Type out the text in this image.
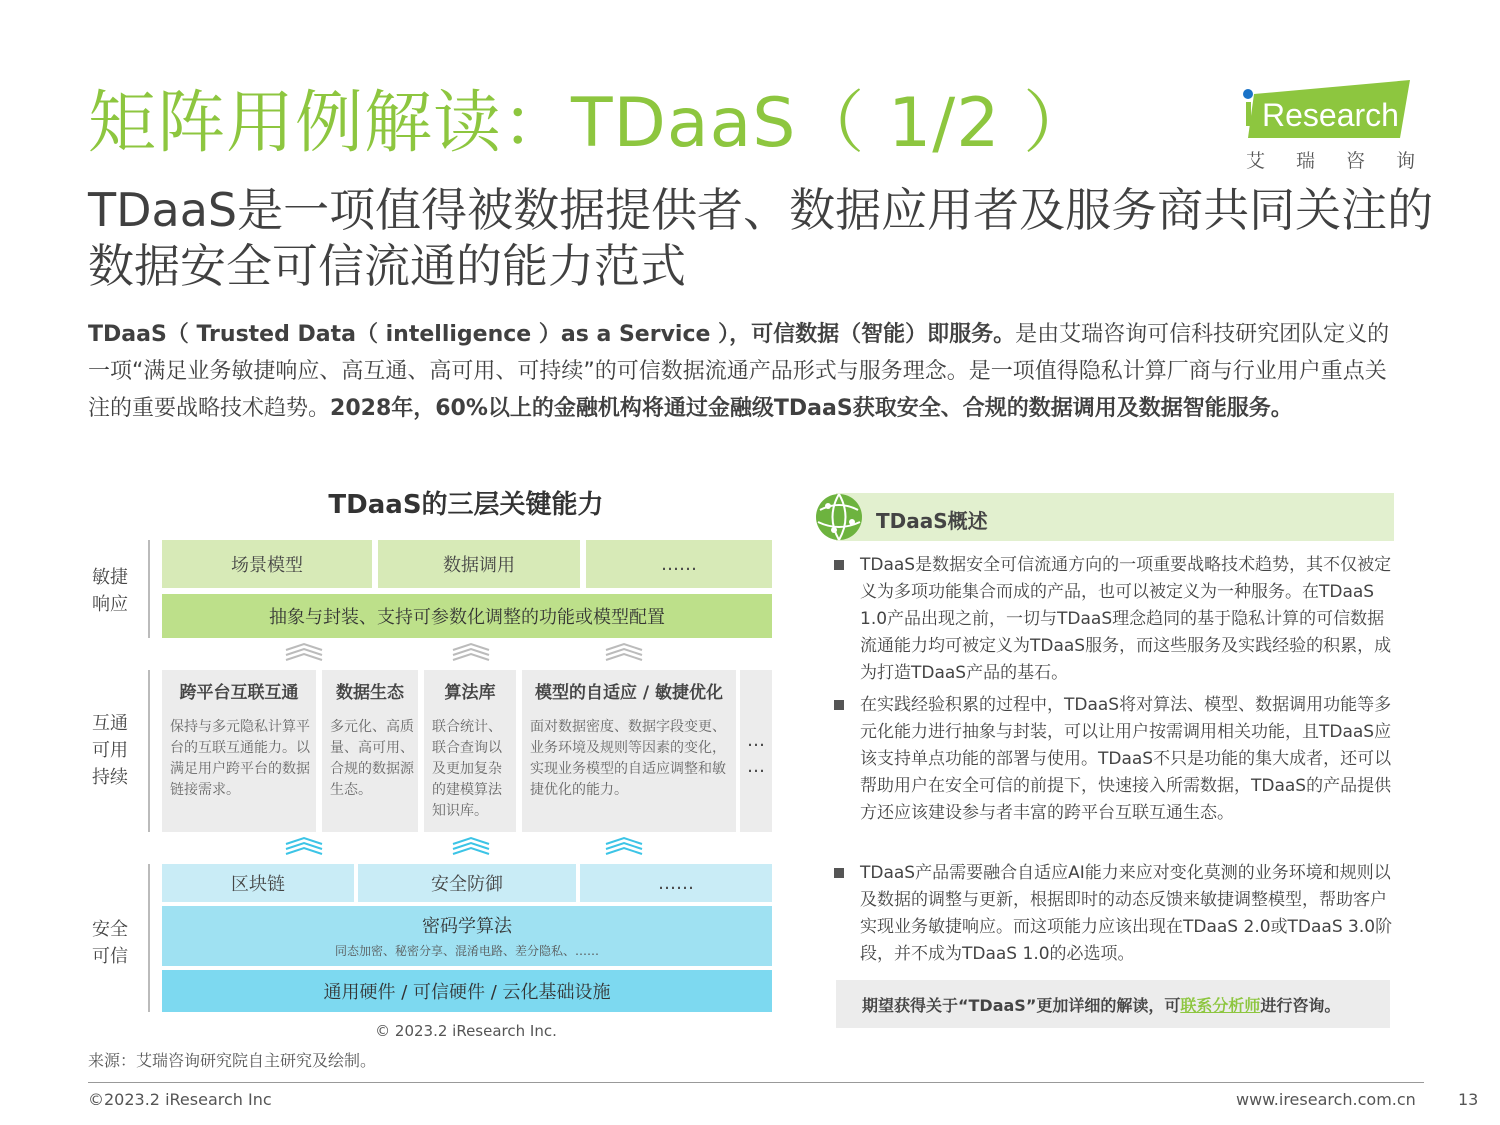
矩阵用例解读：TDaaS（ 1/2 ）	Research
艾瑞咨询
TDaaS是一项值得被数据提供者、数据应用者及服务商共同关注的数据安全可信流通的能力范式
TDaaS（ Trusted Data（ intelligence ）as a Service ），可信数据（智能）即服务。是由艾瑞咨询可信科技研究团队定义的一项“满足业务敏捷响应、高互通、高可用、可持续”的可信数据流通产品形式与服务理念。是一项值得隐私计算厂商与行业用户重点关注的重要战略技术趋势。2028年，60%以上的金融机构将通过金融级TDaaS获取安全、合规的数据调用及数据智能服务。
TDaaS的三层关键能力
敏捷响应
场景模型	数据调用	……
抽象与封装、支持可参数化调整的功能或模型配置
互通可用持续
跨平台互联互通
保持与多元隐私计算平台的互联互通能力。以满足用户跨平台的数据链接需求。
数据生态
多元化、高质量、高可用、合规的数据源生态。
算法库
联合统计、联合查询以及更加复杂的建模算法知识库。
模型的自适应 / 敏捷优化
面对数据密度、数据字段变更、业务环境及规则等因素的变化，实现业务模型的自适应调整和敏捷优化的能力。
…
…
安全可信
区块链	安全防御	……
密码学算法
同态加密、秘密分享、混淆电路、差分隐私、……
通用硬件 / 可信硬件 / 云化基础设施
© 2023.2 iResearch Inc.
TDaaS概述
TDaaS是数据安全可信流通方向的一项重要战略技术趋势，其不仅被定义为多项功能集合而成的产品，也可以被定义为一种服务。在TDaaS 1.0产品出现之前，一切与TDaaS理念趋同的基于隐私计算的可信数据流通能力均可被定义为TDaaS服务，而这些服务及实践经验的积累，成为打造TDaaS产品的基石。
在实践经验积累的过程中，TDaaS将对算法、模型、数据调用功能等多元化能力进行抽象与封装，可以让用户按需调用相关功能，且TDaaS应该支持单点功能的部署与使用。TDaaS不只是功能的集大成者，还可以帮助用户在安全可信的前提下，快速接入所需数据，TDaaS的产品提供方还应该建设参与者丰富的跨平台互联互通生态。
TDaaS产品需要融合自适应AI能力来应对变化莫测的业务环境和规则以及数据的调整与更新，根据即时的动态反馈来敏捷调整模型，帮助客户实现业务敏捷响应。而这项能力应该出现在TDaaS 2.0或TDaaS 3.0阶段，并不成为TDaaS 1.0的必选项。
期望获得关于“TDaaS”更加详细的解读，可 联系分析师 进行咨询。
来源：艾瑞咨询研究院自主研究及绘制。
©2023.2 iResearch Inc	www.iresearch.com.cn	13
